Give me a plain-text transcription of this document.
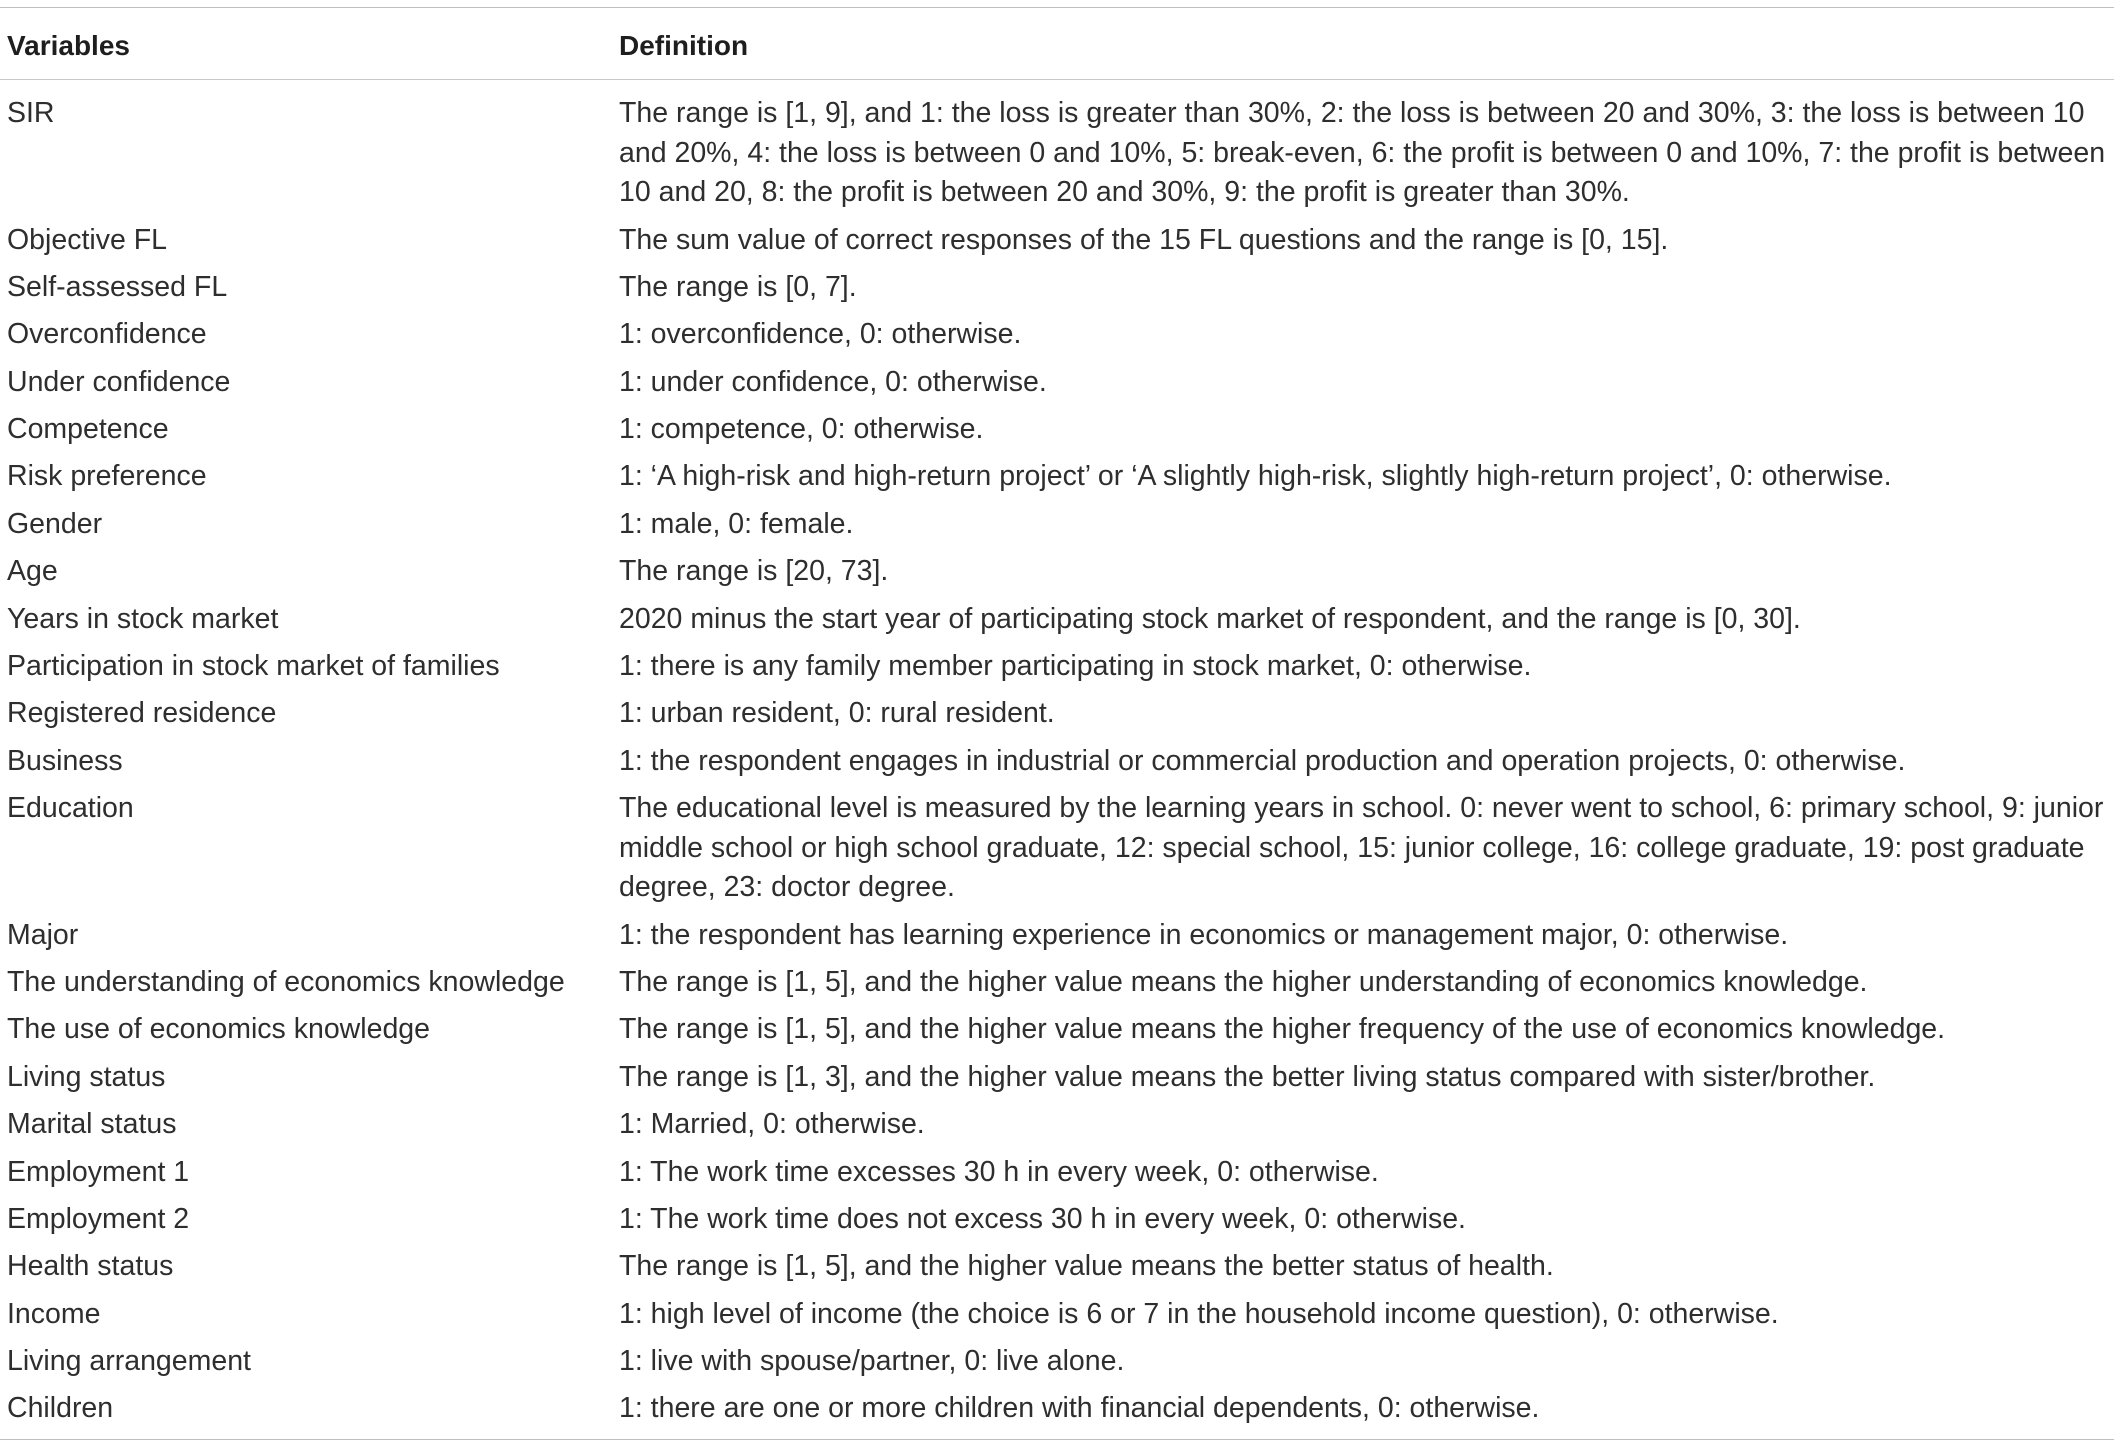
Variables	Definition
SIR	The range is [1, 9], and 1: the loss is greater than 30%, 2: the loss is between 20 and 30%, 3: the loss is between 10 and 20%, 4: the loss is between 0 and 10%, 5: break-even, 6: the profit is between 0 and 10%, 7: the profit is between 10 and 20, 8: the profit is between 20 and 30%, 9: the profit is greater than 30%.
Objective FL	The sum value of correct responses of the 15 FL questions and the range is [0, 15].
Self-assessed FL	The range is [0, 7].
Overconfidence	1: overconfidence, 0: otherwise.
Under confidence	1: under confidence, 0: otherwise.
Competence	1: competence, 0: otherwise.
Risk preference	1: ‘A high-risk and high-return project’ or ‘A slightly high-risk, slightly high-return project’, 0: otherwise.
Gender	1: male, 0: female.
Age	The range is [20, 73].
Years in stock market	2020 minus the start year of participating stock market of respondent, and the range is [0, 30].
Participation in stock market of families	1: there is any family member participating in stock market, 0: otherwise.
Registered residence	1: urban resident, 0: rural resident.
Business	1: the respondent engages in industrial or commercial production and operation projects, 0: otherwise.
Education	The educational level is measured by the learning years in school. 0: never went to school, 6: primary school, 9: junior middle school or high school graduate, 12: special school, 15: junior college, 16: college graduate, 19: post graduate degree, 23: doctor degree.
Major	1: the respondent has learning experience in economics or management major, 0: otherwise.
The understanding of economics knowledge	The range is [1, 5], and the higher value means the higher understanding of economics knowledge.
The use of economics knowledge	The range is [1, 5], and the higher value means the higher frequency of the use of economics knowledge.
Living status	The range is [1, 3], and the higher value means the better living status compared with sister/brother.
Marital status	1: Married, 0: otherwise.
Employment 1	1: The work time excesses 30 h in every week, 0: otherwise.
Employment 2	1: The work time does not excess 30 h in every week, 0: otherwise.
Health status	The range is [1, 5], and the higher value means the better status of health.
Income	1: high level of income (the choice is 6 or 7 in the household income question), 0: otherwise.
Living arrangement	1: live with spouse/partner, 0: live alone.
Children	1: there are one or more children with financial dependents, 0: otherwise.
